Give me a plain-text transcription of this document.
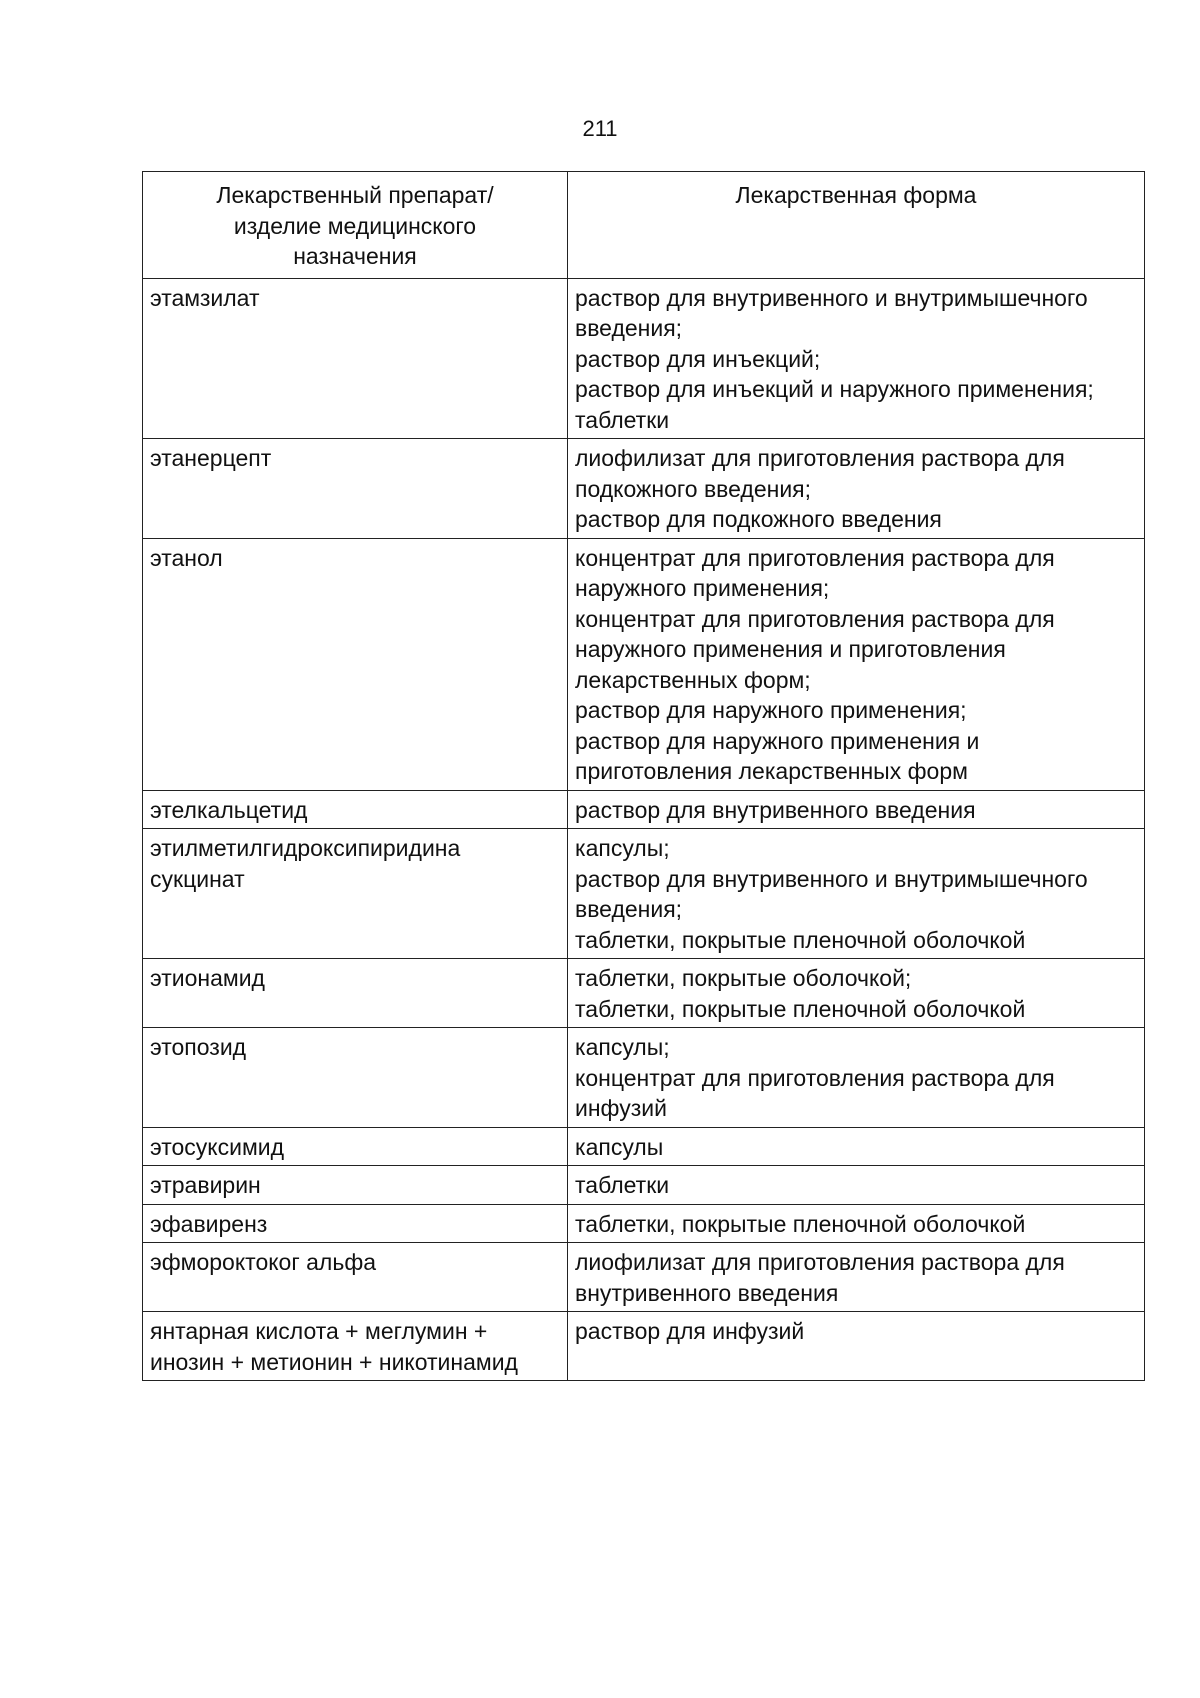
211
Лекарственный препарат/ изделие медицинского назначения	Лекарственная форма
этамзилат	раствор для внутривенного и внутримышечного введения;
раствор для инъекций;
раствор для инъекций и наружного применения;
таблетки

этанерцепт	лиофилизат для приготовления раствора для подкожного введения;
раствор для подкожного введения

этанол	концентрат для приготовления раствора для наружного применения;
концентрат для приготовления раствора для наружного применения и приготовления лекарственных форм;
раствор для наружного применения;
раствор для наружного применения и приготовления лекарственных форм

этелкальцетид	раствор для внутривенного введения

этилметилгидроксипиридина сукцинат	капсулы;
раствор для внутривенного и внутримышечного введения;
таблетки, покрытые пленочной оболочкой

этионамид	таблетки, покрытые оболочкой;
таблетки, покрытые пленочной оболочкой

этопозид	капсулы;
концентрат для приготовления раствора для инфузий

этосуксимид	капсулы

этравирин	таблетки

эфавиренз	таблетки, покрытые пленочной оболочкой

эфмороктоког альфа	лиофилизат для приготовления раствора для внутривенного введения

янтарная кислота + меглумин + инозин + метионин + никотинамид	раствор для инфузий
